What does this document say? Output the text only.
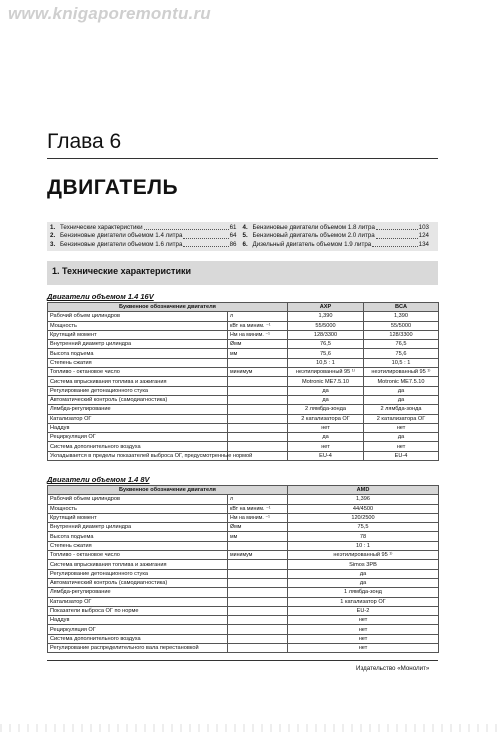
www.knigaporemontu.ru
Глава 6
ДВИГАТЕЛЬ
1. Технические характеристики	61
2. Бензиновые двигатели объемом 1.4 литра	64
3. Бензиновые двигатели объемом 1.6 литра	86
4. Бензиновые двигатели объемом 1.8 литра	103
5. Бензиновый двигатель объемом 2.0 литра	124
6. Дизельный двигатель объемом 1.9 литра	134
1. Технические характеристики
Двигатели объемом 1.4 16V
Буквенное обозначение двигателя		AXP	BCA
Рабочий объем цилиндров	л	1,390	1,390
Мощность	кВт на миним. ⁻¹	55/5000	55/5000
Крутящий момент	Нм на миним. ⁻¹	128/3300	128/3300
Внутренний диаметр цилиндра	Øмм	76,5	76,5
Высота подъема	мм	75,6	75,6
Степень сжатия		10,5 : 1	10,5 : 1
Топливо - октановое число	минимум	неэтилированный 95 ¹⁾	неэтилированный 95 ¹⁾
Система впрыскивания топлива и зажигания		Motronic ME7.5.10	Motronic ME7.5.10
Регулирование детонационного стука		да	да
Автоматический контроль (самодиагностика)		да	да
Лямбда-регулирование		2 лямбда-зонда	2 лямбда-зонда
Катализатор ОГ		2 катализатора ОГ	2 катализатора ОГ
Наддув		нет	нет
Рециркуляция ОГ		да	да
Система дополнительного воздуха		нет	нет
Укладывается в пределы показателей выброса ОГ, предусмотренные нормой		EU-4	EU-4
Двигатели объемом 1.4 8V
Буквенное обозначение двигателя		AMD
Рабочий объем цилиндров	л	1,396
Мощность	кВт на миним. ⁻¹	44/4500
Крутящий момент	Нм на миним. ⁻¹	120/2500
Внутренний диаметр цилиндра	Øмм	75,5
Высота подъема	мм	78
Степень сжатия		10 : 1
Топливо - октановое число	минимум	неэтилированный 95 ¹⁾
Система впрыскивания топлива и зажигания		Simos 3PB
Регулирование детонационного стука		да
Автоматический контроль (самодиагностика)		да
Лямбда-регулирование		1 лямбда-зонд
Катализатор ОГ		1 катализатор ОГ
Показатели выброса ОГ по норме		EU-2
Наддув		нет
Рециркуляция ОГ		нет
Система дополнительного воздуха		нет
Регулирование распределительного вала перестановкой		нет
Издательство «Монолит»
